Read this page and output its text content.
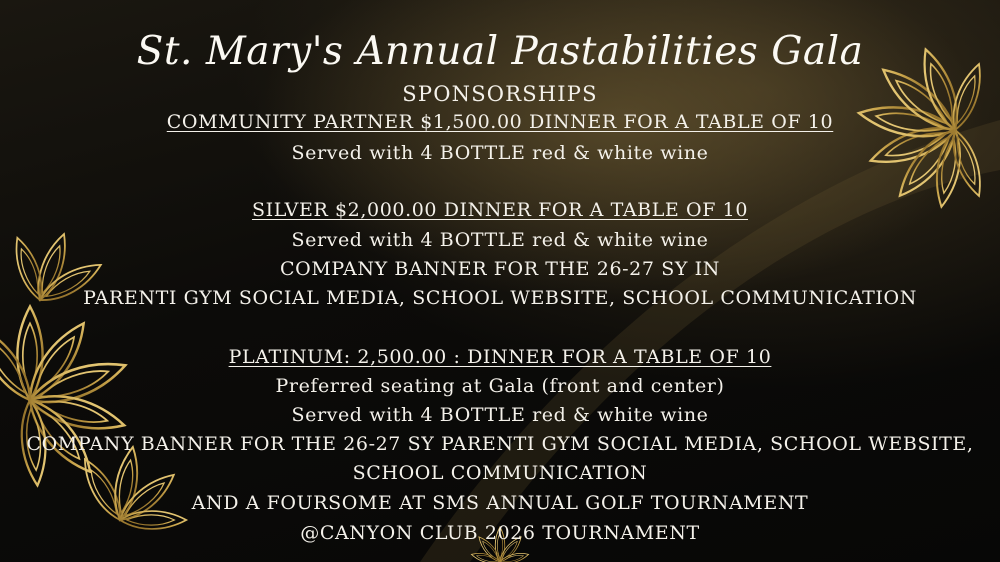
St. Mary's Annual Pastabilities Gala
SPONSORSHIPS
COMMUNITY PARTNER $1,500.00 DINNER FOR A TABLE OF 10
Served with 4 BOTTLE red & white wine
SILVER $2,000.00 DINNER FOR A TABLE OF 10
Served with 4 BOTTLE red & white wine
COMPANY BANNER FOR THE 26-27 SY IN
PARENTI GYM SOCIAL MEDIA, SCHOOL WEBSITE, SCHOOL COMMUNICATION
PLATINUM: 2,500.00 : DINNER FOR A TABLE OF 10
Preferred seating at Gala (front and center)
Served with 4 BOTTLE red & white wine
COMPANY BANNER FOR THE 26-27 SY PARENTI GYM SOCIAL MEDIA, SCHOOL WEBSITE,
SCHOOL COMMUNICATION
AND A FOURSOME AT SMS ANNUAL GOLF TOURNAMENT
@CANYON CLUB 2026 TOURNAMENT
